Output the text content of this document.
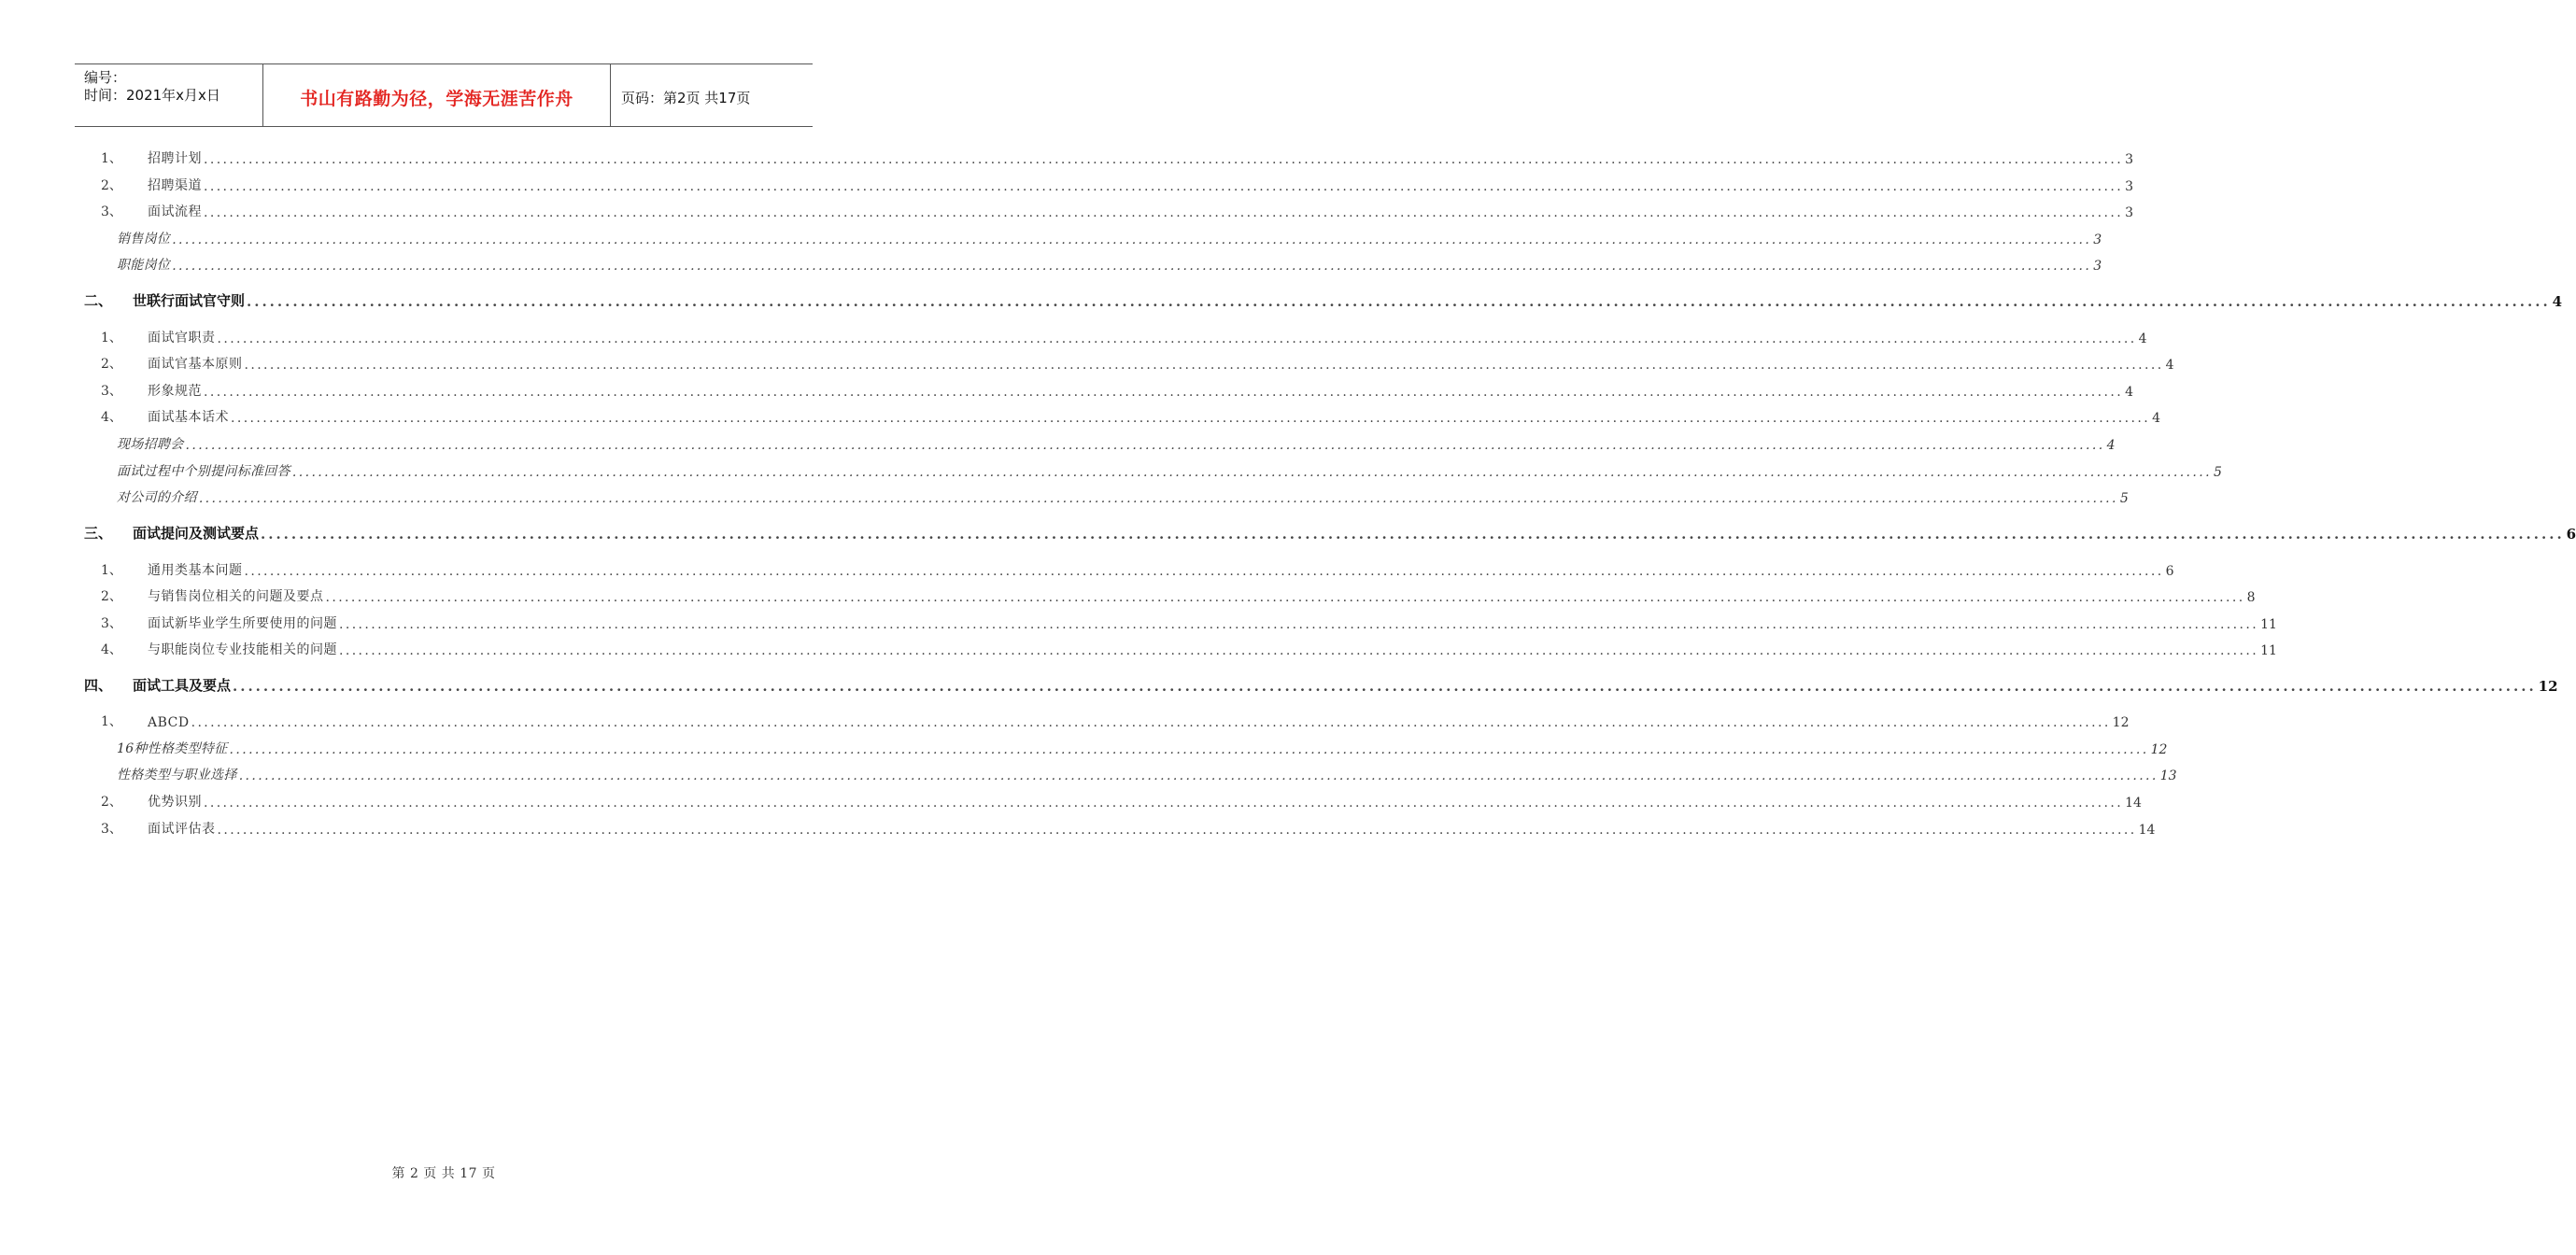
编号：
时间：2021年x月x日	书山有路勤为径，学海无涯苦作舟	页码：第2页 共17页
1、	招聘计划 ............................................................................................................................................................................................................................................................................................................ 3
2、	招聘渠道 ............................................................................................................................................................................................................................................................................................................ 3
3、	面试流程 ............................................................................................................................................................................................................................................................................................................ 3
销售岗位 ............................................................................................................................................................................................................................................................................................................ 3
职能岗位 ............................................................................................................................................................................................................................................................................................................ 3
二、	世联行面试官守则 ............................................................................................................................................................................................................................................................................................................ 4
1、	面试官职责 ............................................................................................................................................................................................................................................................................................................ 4
2、	面试官基本原则 ............................................................................................................................................................................................................................................................................................................ 4
3、	形象规范 ............................................................................................................................................................................................................................................................................................................ 4
4、	面试基本话术 ............................................................................................................................................................................................................................................................................................................ 4
现场招聘会 ............................................................................................................................................................................................................................................................................................................ 4
面试过程中个别提问标准回答 ............................................................................................................................................................................................................................................................................................................ 5
对公司的介绍 ............................................................................................................................................................................................................................................................................................................ 5
三、	面试提问及测试要点 ............................................................................................................................................................................................................................................................................................................ 6
1、	通用类基本问题 ............................................................................................................................................................................................................................................................................................................ 6
2、	与销售岗位相关的问题及要点 ............................................................................................................................................................................................................................................................................................................ 8
3、	面试新毕业学生所要使用的问题 ............................................................................................................................................................................................................................................................................................................ 11
4、	与职能岗位专业技能相关的问题 ............................................................................................................................................................................................................................................................................................................ 11
四、	面试工具及要点 ............................................................................................................................................................................................................................................................................................................ 12
1、	ABCD ............................................................................................................................................................................................................................................................................................................ 12
16种性格类型特征 ............................................................................................................................................................................................................................................................................................................ 12
性格类型与职业选择 ............................................................................................................................................................................................................................................................................................................ 13
2、	优势识别 ............................................................................................................................................................................................................................................................................................................ 14
3、	面试评估表 ............................................................................................................................................................................................................................................................................................................ 14
第 2 页 共 17 页
